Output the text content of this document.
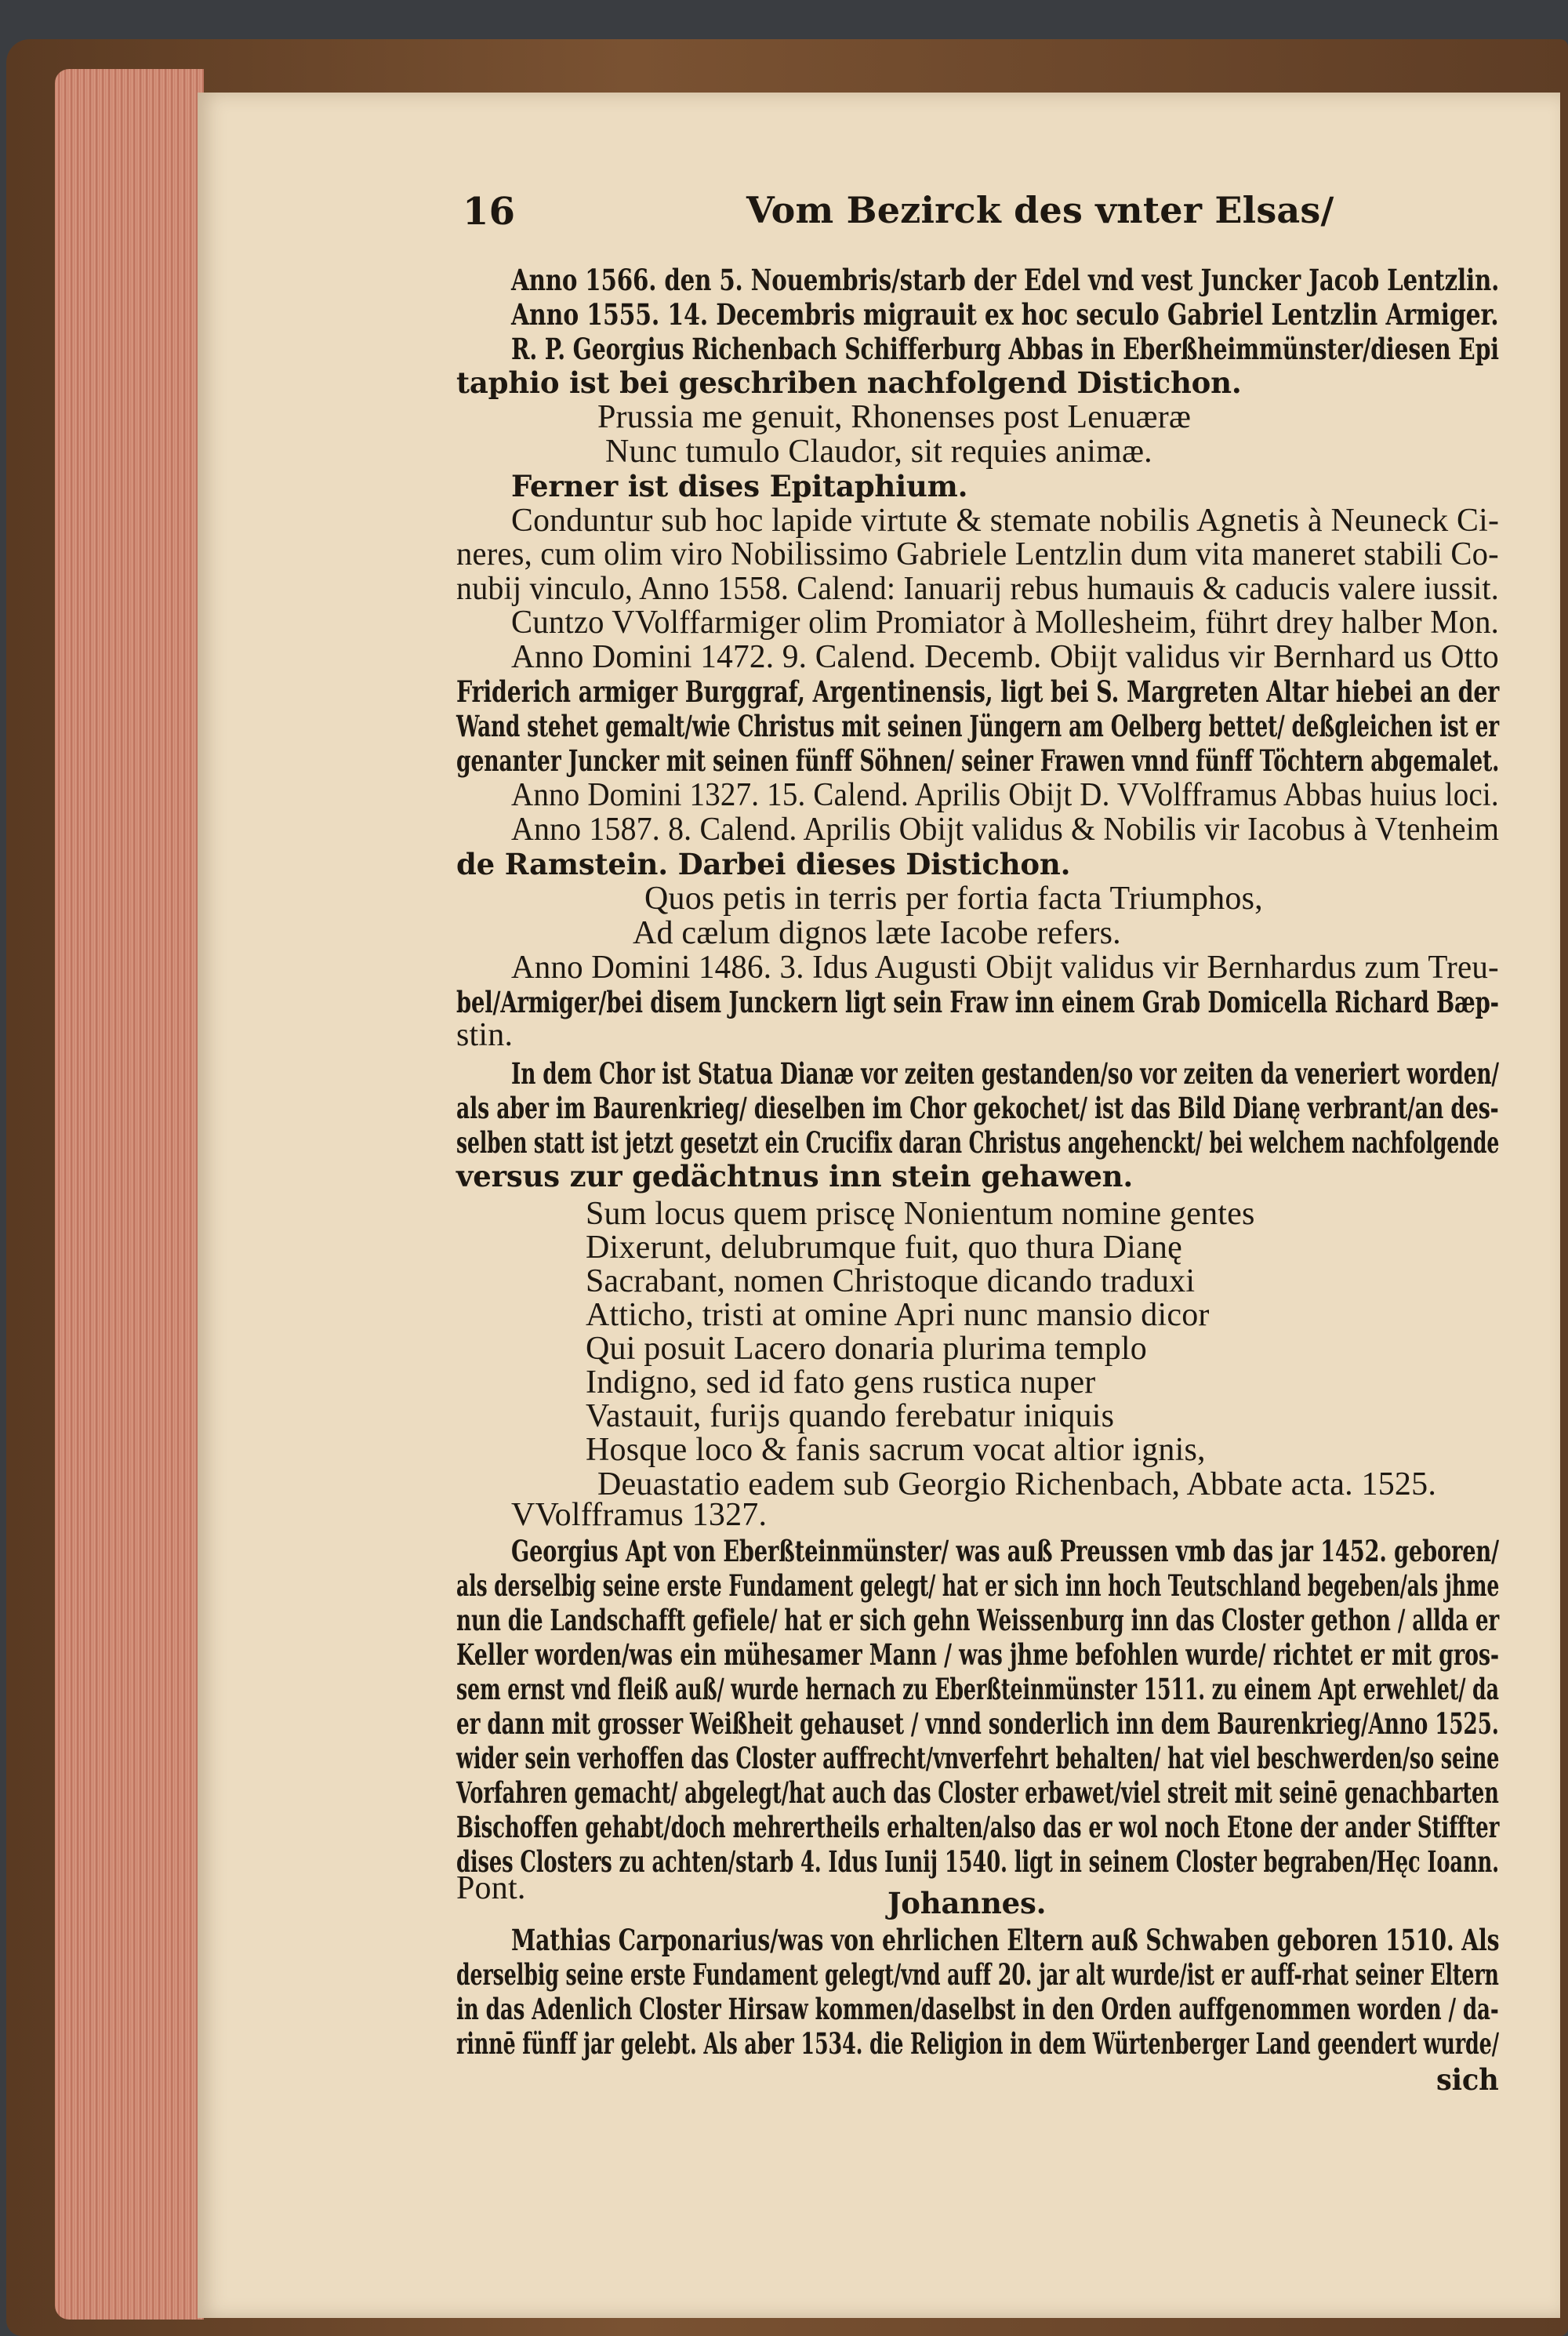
16	Vom Bezirck des vnter Elsas/
Anno 1566. den 5. Nouembris/starb der Edel vnd vest Juncker Jacob Lentzlin.
Anno 1555. 14. Decembris migrauit ex hoc seculo Gabriel Lentzlin Armiger.
R. P. Georgius Richenbach Schifferburg Abbas in Eberßheimmünster/diesen Epi
taphio ist bei geschriben nachfolgend Distichon.
Prussia me genuit, Rhonenses post Lenuæræ
Nunc tumulo Claudor, sit requies animæ.
Ferner ist dises Epitaphium.
Conduntur sub hoc lapide virtute & stemate nobilis Agnetis à Neuneck Ci-
neres, cum olim viro Nobilissimo Gabriele Lentzlin dum vita maneret stabili Co-
nubij vinculo, Anno 1558. Calend: Ianuarij rebus humauis & caducis valere iussit.
Cuntzo VVolffarmiger olim Promiator à Mollesheim, führt drey halber Mon.
Anno Domini 1472. 9. Calend. Decemb. Obijt validus vir Bernhard us Otto
Friderich armiger Burggraf, Argentinensis, ligt bei S. Margreten Altar hiebei an der
Wand stehet gemalt/wie Christus mit seinen Jüngern am Oelberg bettet/ deßgleichen ist er
genanter Juncker mit seinen fünff Söhnen/ seiner Frawen vnnd fünff Töchtern abgemalet.
Anno Domini 1327. 15. Calend. Aprilis Obijt D. VVolfframus Abbas huius loci.
Anno 1587. 8. Calend. Aprilis Obijt validus & Nobilis vir Iacobus à Vtenheim
de Ramstein. Darbei dieses Distichon.
Quos petis in terris per fortia facta Triumphos,
Ad cælum dignos læte Iacobe refers.
Anno Domini 1486. 3. Idus Augusti Obijt validus vir Bernhardus zum Treu-
bel/Armiger/bei disem Junckern ligt sein Fraw inn einem Grab Domicella Richard Bæp-
stin.
In dem Chor ist Statua Dianæ vor zeiten gestanden/so vor zeiten da veneriert worden/
als aber im Baurenkrieg/ dieselben im Chor gekochet/ ist das Bild Dianę verbrant/an des-
selben statt ist jetzt gesetzt ein Crucifix daran Christus angehenckt/ bei welchem nachfolgende
versus zur gedächtnus inn stein gehawen.
Sum locus quem priscę Nonientum nomine gentes
Dixerunt, delubrumque fuit, quo thura Dianę
Sacrabant, nomen Christoque dicando traduxi
Atticho, tristi at omine Apri nunc mansio dicor
Qui posuit Lacero donaria plurima templo
Indigno, sed id fato gens rustica nuper
Vastauit, furijs quando ferebatur iniquis
Hosque loco & fanis sacrum vocat altior ignis,
Deuastatio eadem sub Georgio Richenbach, Abbate acta. 1525.
VVolfframus 1327.
Georgius Apt von Eberßteinmünster/ was auß Preussen vmb das jar 1452. geboren/
als derselbig seine erste Fundament gelegt/ hat er sich inn hoch Teutschland begeben/als jhme
nun die Landschafft gefiele/ hat er sich gehn Weissenburg inn das Closter gethon / allda er
Keller worden/was ein mühesamer Mann / was jhme befohlen wurde/ richtet er mit gros-
sem ernst vnd fleiß auß/ wurde hernach zu Eberßteinmünster 1511. zu einem Apt erwehlet/ da
er dann mit grosser Weißheit gehauset / vnnd sonderlich inn dem Baurenkrieg/Anno 1525.
wider sein verhoffen das Closter auffrecht/vnverfehrt behalten/ hat viel beschwerden/so seine
Vorfahren gemacht/ abgelegt/hat auch das Closter erbawet/viel streit mit seinē genachbarten
Bischoffen gehabt/doch mehrertheils erhalten/also das er wol noch Etone der ander Stiffter
dises Closters zu achten/starb 4. Idus Iunij 1540. ligt in seinem Closter begraben/Hęc Ioann.
Pont.	Johannes.
Mathias Carponarius/was von ehrlichen Eltern auß Schwaben geboren 1510. Als
derselbig seine erste Fundament gelegt/vnd auff 20. jar alt wurde/ist er auff-rhat seiner Eltern
in das Adenlich Closter Hirsaw kommen/daselbst in den Orden auffgenommen worden / da-
rinnē fünff jar gelebt. Als aber 1534. die Religion in dem Würtenberger Land geendert wurde/
sich
